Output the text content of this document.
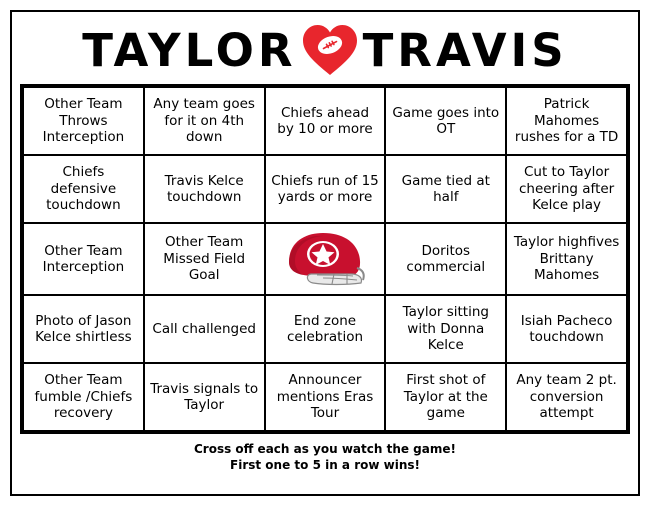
TAYLOR TRAVIS
Other Team Throws Interception	Any team goes for it on 4th down	Chiefs ahead by 10 or more	Game goes into OT	Patrick Mahomes rushes for a TD
Chiefs defensive touchdown	Travis Kelce touchdown	Chiefs run of 15 yards or more	Game tied at half	Cut to Taylor cheering after Kelce play
Other Team Interception	Other Team Missed Field Goal		Doritos commercial	Taylor highfives Brittany Mahomes
Photo of Jason Kelce shirtless	Call challenged	End zone celebration	Taylor sitting with Donna Kelce	Isiah Pacheco touchdown
Other Team fumble /Chiefs recovery	Travis signals to Taylor	Announcer mentions Eras Tour	First shot of Taylor at the game	Any team 2 pt. conversion attempt
Cross off each as you watch the game!
First one to 5 in a row wins!
